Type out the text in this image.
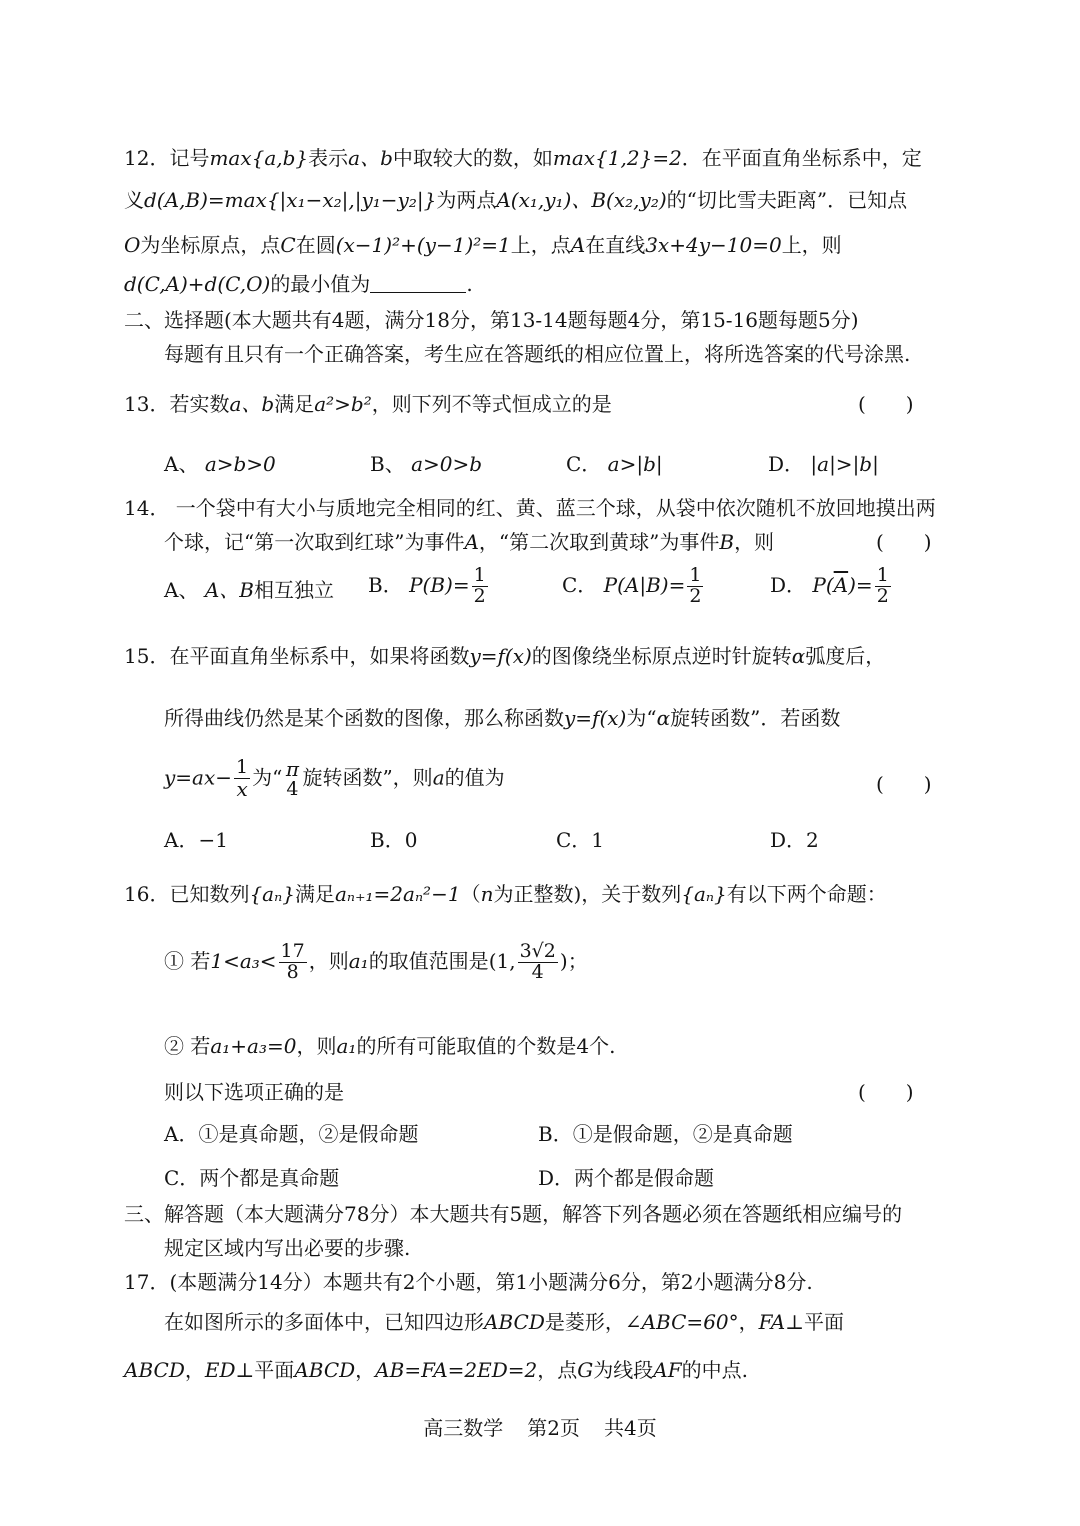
12．记号max{a,b}表示a、b中取较大的数，如max{1,2}=2．在平面直角坐标系中，定
义d(A,B)=max{|x₁−x₂|,|y₁−y₂|}为两点A(x₁,y₁)、B(x₂,y₂)的“切比雪夫距离”．已知点
O为坐标原点，点C在圆(x−1)²+(y−1)²=1上，点A在直线3x+4y−10=0上，则
d(C,A)+d(C,O)的最小值为	.
二、选择题(本大题共有4题，满分18分，第13-14题每题4分，第15-16题每题5分)
每题有且只有一个正确答案，考生应在答题纸的相应位置上，将所选答案的代号涂黑.
13．若实数a、b满足a²>b²，则下列不等式恒成立的是	(　　)
A、 a>b>0	B、 a>0>b	C． a>|b|	D． |a|>|b|
14． 一个袋中有大小与质地完全相同的红、黄、蓝三个球，从袋中依次随机不放回地摸出两
个球，记“第一次取到红球”为事件A，“第二次取到黄球”为事件B，则	(　　)
A、 A、B相互独立 B． $P(B)= \frac{1}{2}$	C． $P(A|B)= \frac{1}{2}$	D． $P(\overline{A})= \frac{1}{2}$
15．在平面直角坐标系中，如果将函数y=f(x)的图像绕坐标原点逆时针旋转α弧度后，
所得曲线仍然是某个函数的图像，那么称函数y=f(x)为“α旋转函数”．若函数
$y=ax- \frac{1}{x}$ 为“ π
4 旋转函数”，则a的值为	(　　)
A．−1	B．0	C．1	D．2
16．已知数列{aₙ}满足aₙ₊₁=2aₙ²−1（n为正整数)，关于数列{aₙ}有以下两个命题：
① 若$1<a_3< \frac{17}{8}$ ，则a₁的取值范围是(1, $\frac{3√2}{4}$ )；
② 若a₁+a₃=0，则a₁的所有可能取值的个数是4个.
则以下选项正确的是	(　　)
A．①是真命题，②是假命题	B．①是假命题，②是真命题
C．两个都是真命题	D．两个都是假命题
三、解答题（本大题满分78分）本大题共有5题，解答下列各题必须在答题纸相应编号的
规定区域内写出必要的步骤.
17．(本题满分14分）本题共有2个小题，第1小题满分6分，第2小题满分8分.
在如图所示的多面体中，已知四边形ABCD是菱形，∠ABC=60°，FA⊥平面
ABCD，ED⊥平面ABCD，AB=FA=2ED=2，点G为线段AF的中点.
高三数学 第2页 共4页
